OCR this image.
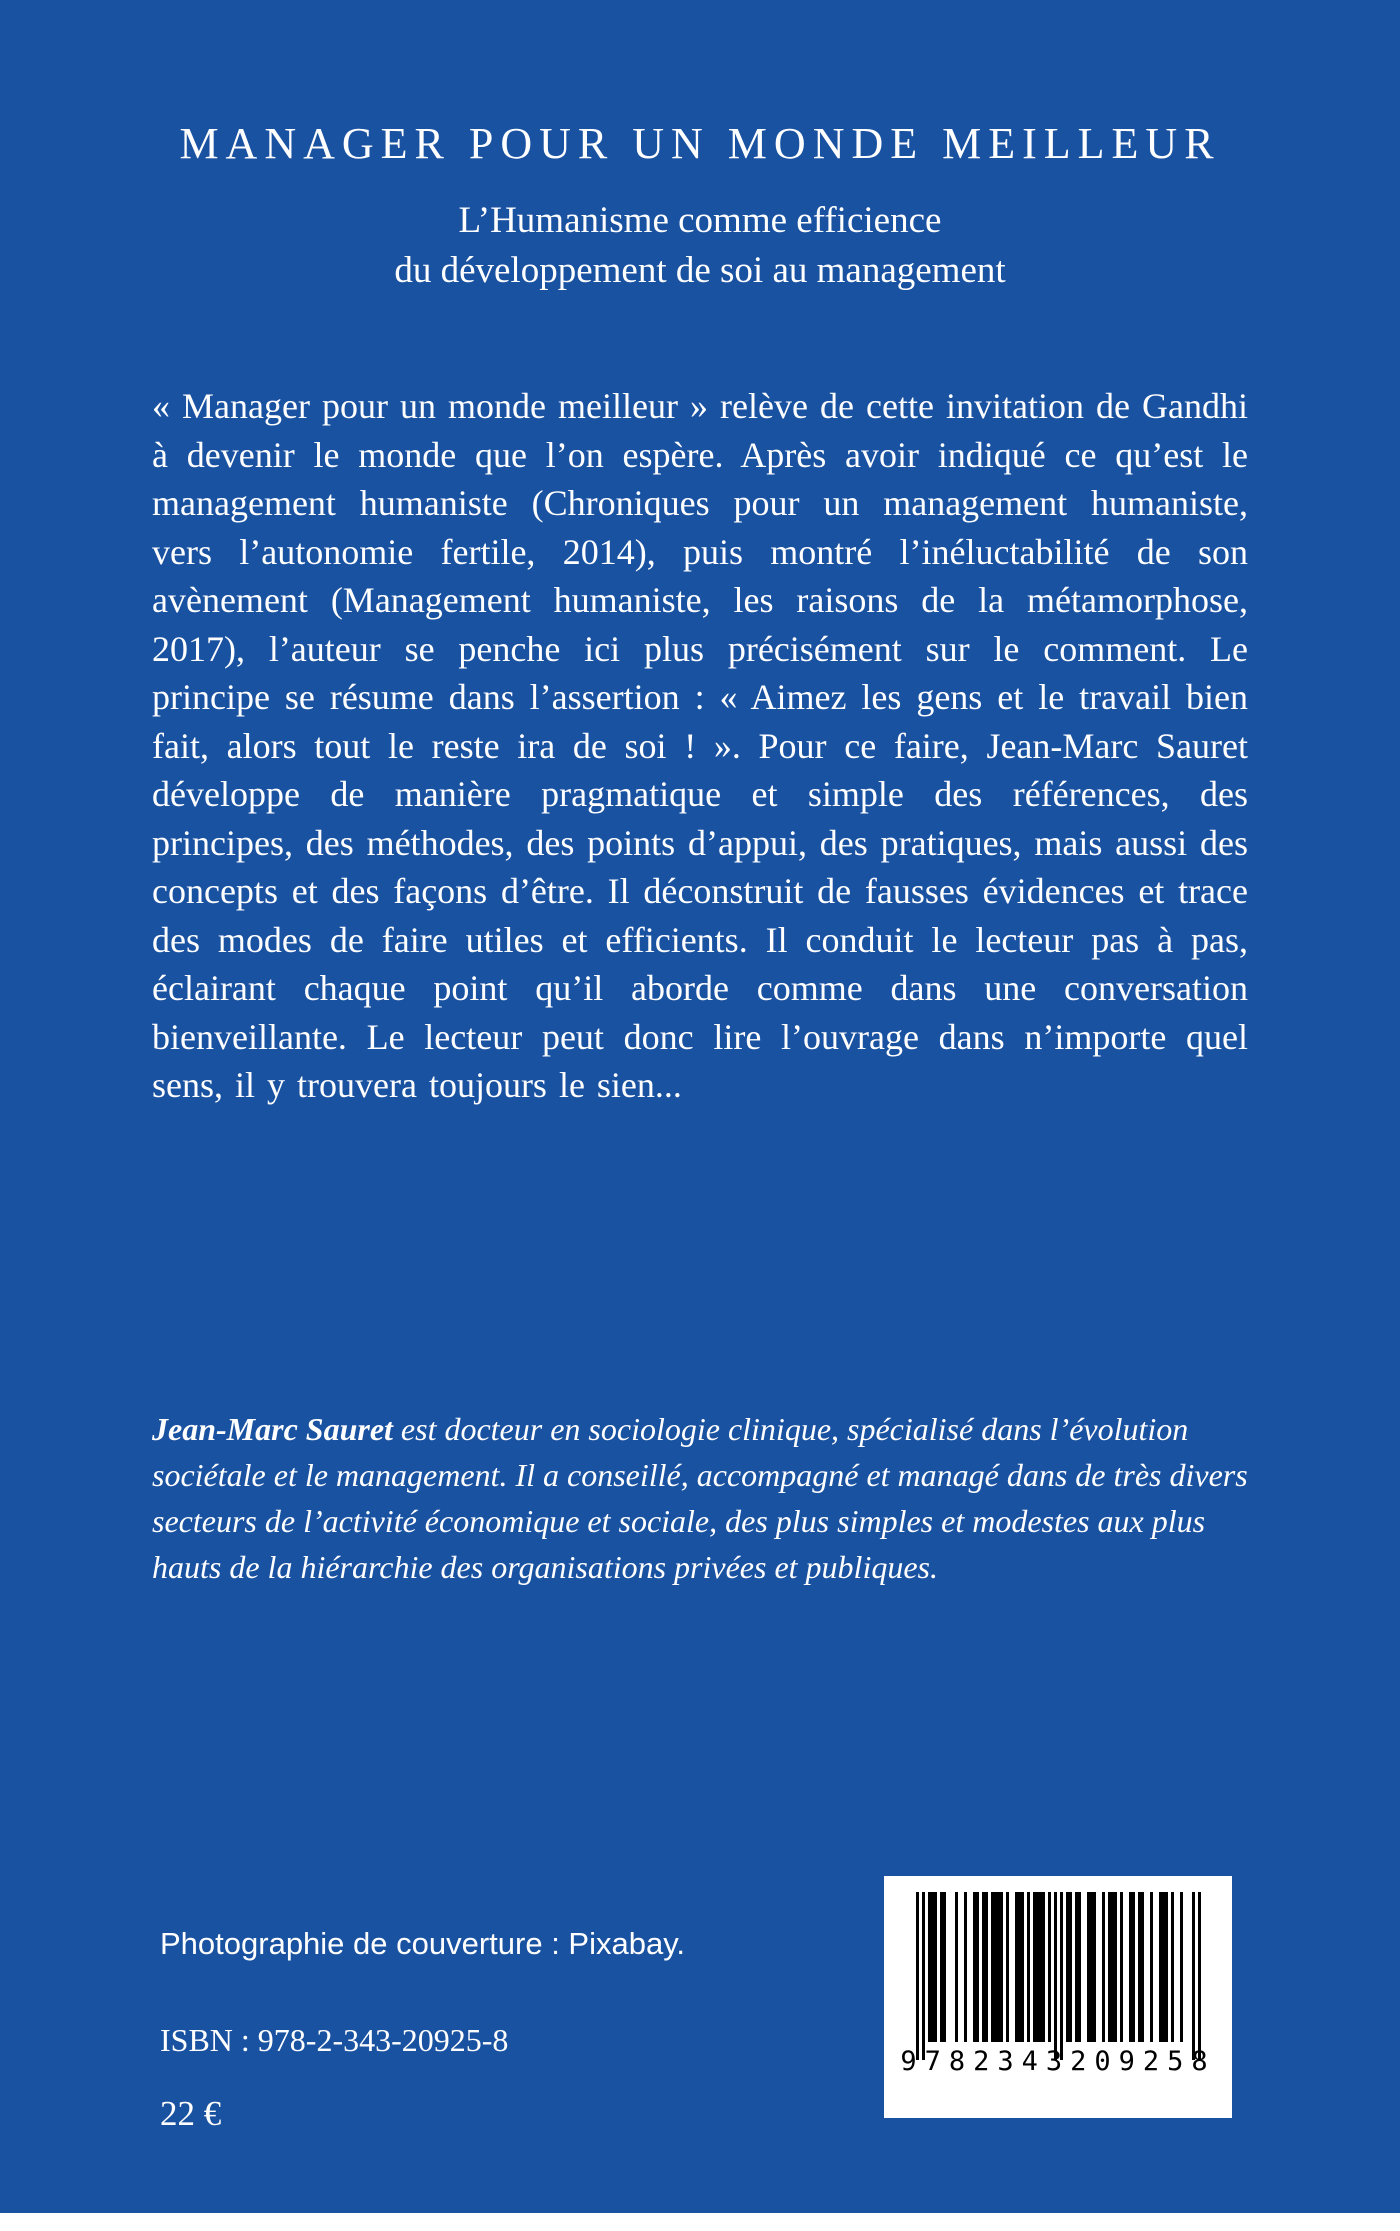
MANAGER POUR UN MONDE MEILLEUR
L’Humanisme comme efficience
du développement de soi au management
« Manager pour un monde meilleur » relève de cette invitation de Gandhi à devenir le monde que l’on espère. Après avoir indiqué ce qu’est le management humaniste (Chroniques pour un management humaniste, vers l’autonomie fertile, 2014), puis montré l’inéluctabilité de son avènement (Management humaniste, les raisons de la métamorphose, 2017), l’auteur se penche ici plus précisément sur le comment. Le principe se résume dans l’assertion : « Aimez les gens et le travail bien fait, alors tout le reste ira de soi ! ». Pour ce faire, Jean-Marc Sauret développe de manière pragmatique et simple des références, des principes, des méthodes, des points d’appui, des pratiques, mais aussi des concepts et des façons d’être. Il déconstruit de fausses évidences et trace des modes de faire utiles et efficients. Il conduit le lecteur pas à pas, éclairant chaque point qu’il aborde comme dans une conversation bienveillante. Le lecteur peut donc lire l’ouvrage dans n’importe quel sens, il y trouvera toujours le sien...
Jean-Marc Sauret est docteur en sociologie clinique, spécialisé dans l’évolution sociétale et le management. Il a conseillé, accompagné et managé dans de très divers secteurs de l’activité économique et sociale, des plus simples et modestes aux plus hauts de la hiérarchie des organisations privées et publiques.
Photographie de couverture : Pixabay.
ISBN : 978-2-343-20925-8
22 €
9782343209258
